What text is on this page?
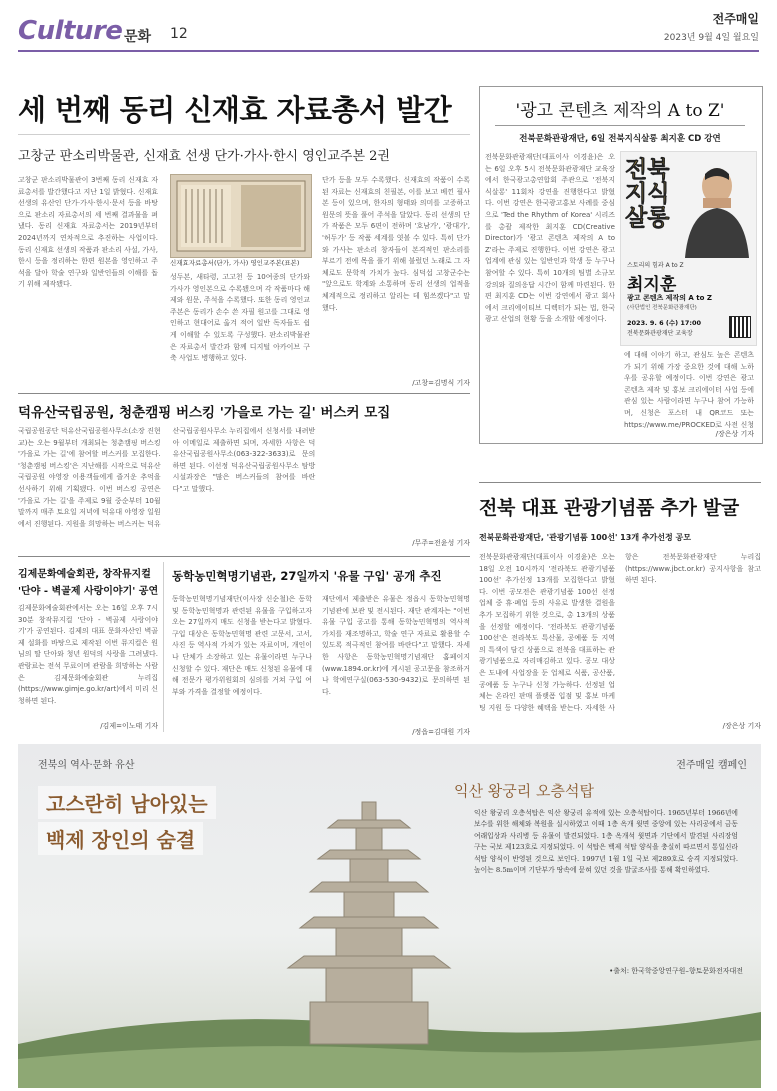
Culture 문화 12
전주매일
2023년 9월 4일 월요일
세 번째 동리 신재효 자료총서 발간
고창군 판소리박물관, 신재효 선생 단가·가사·한시 영인교주본 2권
고창군 판소리박물관이 3번째 동리 신재효 자료총서를 발간했다고 지난 1일 밝혔다. 신재효 선생의 유산인 단가·가사·한시·문서 등을 바탕으로 판소리 자료총서의 세 번째 결과물을 펴냈다. 동리 신재효 자료총서는 2019년부터 2024년까지 연차적으로 추진하는 사업이다. 동리 신재효 선생의 작품과 판소리 사설, 가사, 한시 등을 정리하는 한편 원본을 영인하고 주석을 달아 학술 연구와 일반인들의 이해를 돕기 위해 제작됐다.
신재효자료총서(단가, 가사) 영인교주본(표본)
성두본, 새타령, 고고천 등 10여종의 단가와 가사가 영인본으로 수록됐으며 각 작품마다 해제와 원문, 주석을 수록했다. 또한 동리 영인교주본은 동리가 손수 쓴 자필 원고를 그대로 영인하고 현대어로 옮겨 적어 일반 독자들도 쉽게 이해할 수 있도록 구성했다. 판소리박물관은 자료총서 발간과 함께 디지털 아카이브 구축 사업도 병행하고 있다.
단가 등을 모두 수록했다. 신재효의 작품이 수록된 자료는 신재효의 친필본, 이를 보고 베낀 필사본 등이 있으며, 한자의 형태와 의미를 고증하고 원문의 뜻을 풀어 주석을 달았다. 동리 선생의 단가 작품은 모두 6편이 전하며 '호남가', '광대가', '허두가' 등 작품 세계를 엿볼 수 있다. 특히 단가와 가사는 판소리 창자들이 본격적인 판소리를 부르기 전에 목을 풀기 위해 불렀던 노래로 그 자체로도 문학적 가치가 높다. 심덕섭 고창군수는 "앞으로도 학계와 소통하며 동리 선생의 업적을 체계적으로 정리하고 알리는 데 힘쓰겠다"고 말했다.
/고창=김명식 기자
'광고 콘텐츠 제작의 A to Z'
전북문화관광재단, 6일 전북지식살롱 최지훈 CD 강연
전북문화관광재단(대표이사 이경윤)은 오는 6일 오후 5시 전북문화관광재단 교육장에서 한국광고총연합회 주관으로 '전북지식살롱' 11회차 강연을 진행한다고 밝혔다. 이번 강연은 한국광고홍보 사례를 중심으로 'Ted the Rhythm of Korea' 시리즈를 총괄 제작한 최지훈 CD(Creative Director)가 '광고 콘텐츠 제작의 A to Z'라는 주제로 진행한다. 이번 강연은 광고 업계에 관심 있는 일반인과 학생 등 누구나 참여할 수 있다. 특히 10개의 팀별 소규모 강의와 질의응답 시간이 함께 마련된다. 한편 최지훈 CD는 이번 강연에서 광고 회사에서 크리에이티브 디렉터가 되는 법, 한국 광고 산업의 현황 등을 소개할 예정이다.
전북
지식
살롱
스토리의 힘과 A to Z
최지훈
광고 콘텐츠 제작의 A to Z
(사단법인 전북문화관광재단)
2023. 9. 6 (수) 17:00
전북문화관광재단 교육장
에 대해 이야기 하고, 관심도 높은 콘텐츠가 되기 위해 가장 중요한 것에 대해 노하우를 공유할 예정이다. 이번 강연은 광고 콘텐츠 제작 및 홍보 크리에이터 사업 등에 관심 있는 사람이라면 누구나 참여 가능하며, 신청은 포스터 내 QR코드 또는 https://www.me/PROCKED로 사전 신청
/장은상 기자
덕유산국립공원, 청춘캠핑 버스킹 '가을로 가는 길' 버스커 모집
국립공원공단 덕유산국립공원사무소(소장 진현교)는 오는 9월부터 개최되는 청춘캠핑 버스킹 '가을로 가는 길'에 참여할 버스커를 모집한다. '청춘캠핑 버스킹'은 지난해를 시작으로 덕유산 국립공원 야영장 이용객들에게 즐거운 추억을 선사하기 위해 기획됐다. 이번 버스킹 공연은 '가을로 가는 길'을 주제로 9월 중순부터 10월 말까지 매주 토요일 저녁에 덕유대 야영장 일원에서 진행된다. 지원을 희망하는 버스커는 덕유산국립공원사무소 누리집에서 신청서를 내려받아 이메일로 제출하면 되며, 자세한 사항은 덕유산국립공원사무소(063-322-3633)로 문의하면 된다. 이선정 덕유산국립공원사무소 탐방시설과장은 "많은 버스커들의 참여를 바란다"고 말했다.
/무주=전윤성 기자
김제문화예술회관, 창작뮤지컬
'단야 - 벽골제 사랑이야기' 공연
김제문화예술회관에서는 오는 16일 오후 7시 30분 창작뮤지컬 '단야 - 벽골제 사랑이야기'가 공연된다. 김제의 대표 문화자산인 벽골제 설화를 바탕으로 제작된 이번 뮤지컬은 원님의 딸 단아와 청년 원덕의 사랑을 그려냈다. 관람료는 전석 무료이며 관람을 희망하는 사람은 김제문화예술회관 누리집(https://www.gimje.go.kr/art)에서 미리 신청하면 된다.
/김제=이노태 기자
동학농민혁명기념관, 27일까지 '유물 구입' 공개 추진
동학농민혁명기념재단(이사장 신순철)은 동학 및 동학농민혁명과 관련된 유물을 구입하고자 오는 27일까지 매도 신청을 받는다고 밝혔다. 구입 대상은 동학농민혁명 관련 고문서, 고서, 사진 등 역사적 가치가 있는 자료이며, 개인이나 단체가 소장하고 있는 유물이라면 누구나 신청할 수 있다. 재단은 매도 신청된 유물에 대해 전문가 평가위원회의 심의를 거쳐 구입 여부와 가격을 결정할 예정이다.
재단에서 제출받은 유물은 정읍시 동학농민혁명기념관에 보관 및 전시된다. 재단 관계자는 "이번 유물 구입 공고를 통해 동학농민혁명의 역사적 가치를 재조명하고, 학술 연구 자료로 활용할 수 있도록 적극적인 참여를 바란다"고 말했다. 자세한 사항은 동학농민혁명기념재단 홈페이지(www.1894.or.kr)에 게시된 공고문을 참조하거나 학예연구실(063-530-9432)로 문의하면 된다.
/정읍=김대원 기자
전북 대표 관광기념품 추가 발굴
전북문화관광재단, '관광기념품 100선' 13개 추가선정 공모
전북문화관광재단(대표이사 이경윤)은 오는 18일 오전 10시까지 '전라북도 관광기념품 100선' 추가선정 13개를 모집한다고 밝혔다. 이번 공모전은 관광기념품 100선 선정 업체 중 휴·폐업 등의 사유로 발생한 결원을 추가 모집하기 위한 것으로, 총 13개의 상품을 선정할 예정이다. '전라북도 관광기념품 100선'은 전라북도 특산물, 공예품 등 지역의 특색이 담긴 상품으로 전북을 대표하는 관광기념품으로 자리매김하고 있다. 공모 대상은 도내에 사업장을 둔 업체로 식품, 공산품, 공예품 등 누구나 신청 가능하다. 선정된 업체는 온라인 판매 플랫폼 입점 및 홍보 마케팅 지원 등 다양한 혜택을 받는다. 자세한 사항은 전북문화관광재단 누리집(https://www.jbct.or.kr) 공지사항을 참고하면 된다.
/장은상 기자
전북의 역사·문화 유산	전주매일 캠페인
고스란히 남아있는
백제 장인의 숨결
익산 왕궁리 오층석탑
익산 왕궁리 오층석탑은 익산 왕궁리 유적에 있는 오층석탑이다. 1965년부터 1966년에 보수를 위한 해체와 복원을 실시하였고 이때 1층 옥개 윗면 중앙에 있는 사리공에서 금동여래입상과 사리병 등 유물이 발견되었다. 1층 옥개석 윗면과 기단에서 발견된 사리장엄구는 국보 제123호로 지정되었다. 이 석탑은 백제 석탑 양식을 충실히 따르면서 통일신라 석탑 양식이 반영된 것으로 보인다. 1997년 1월 1일 국보 제289호로 승격 지정되었다. 높이는 8.5m이며 기단부가 땅속에 묻혀 있던 것을 발굴조사를 통해 확인하였다.
•출처: 한국학중앙연구원–향토문화전자대전
